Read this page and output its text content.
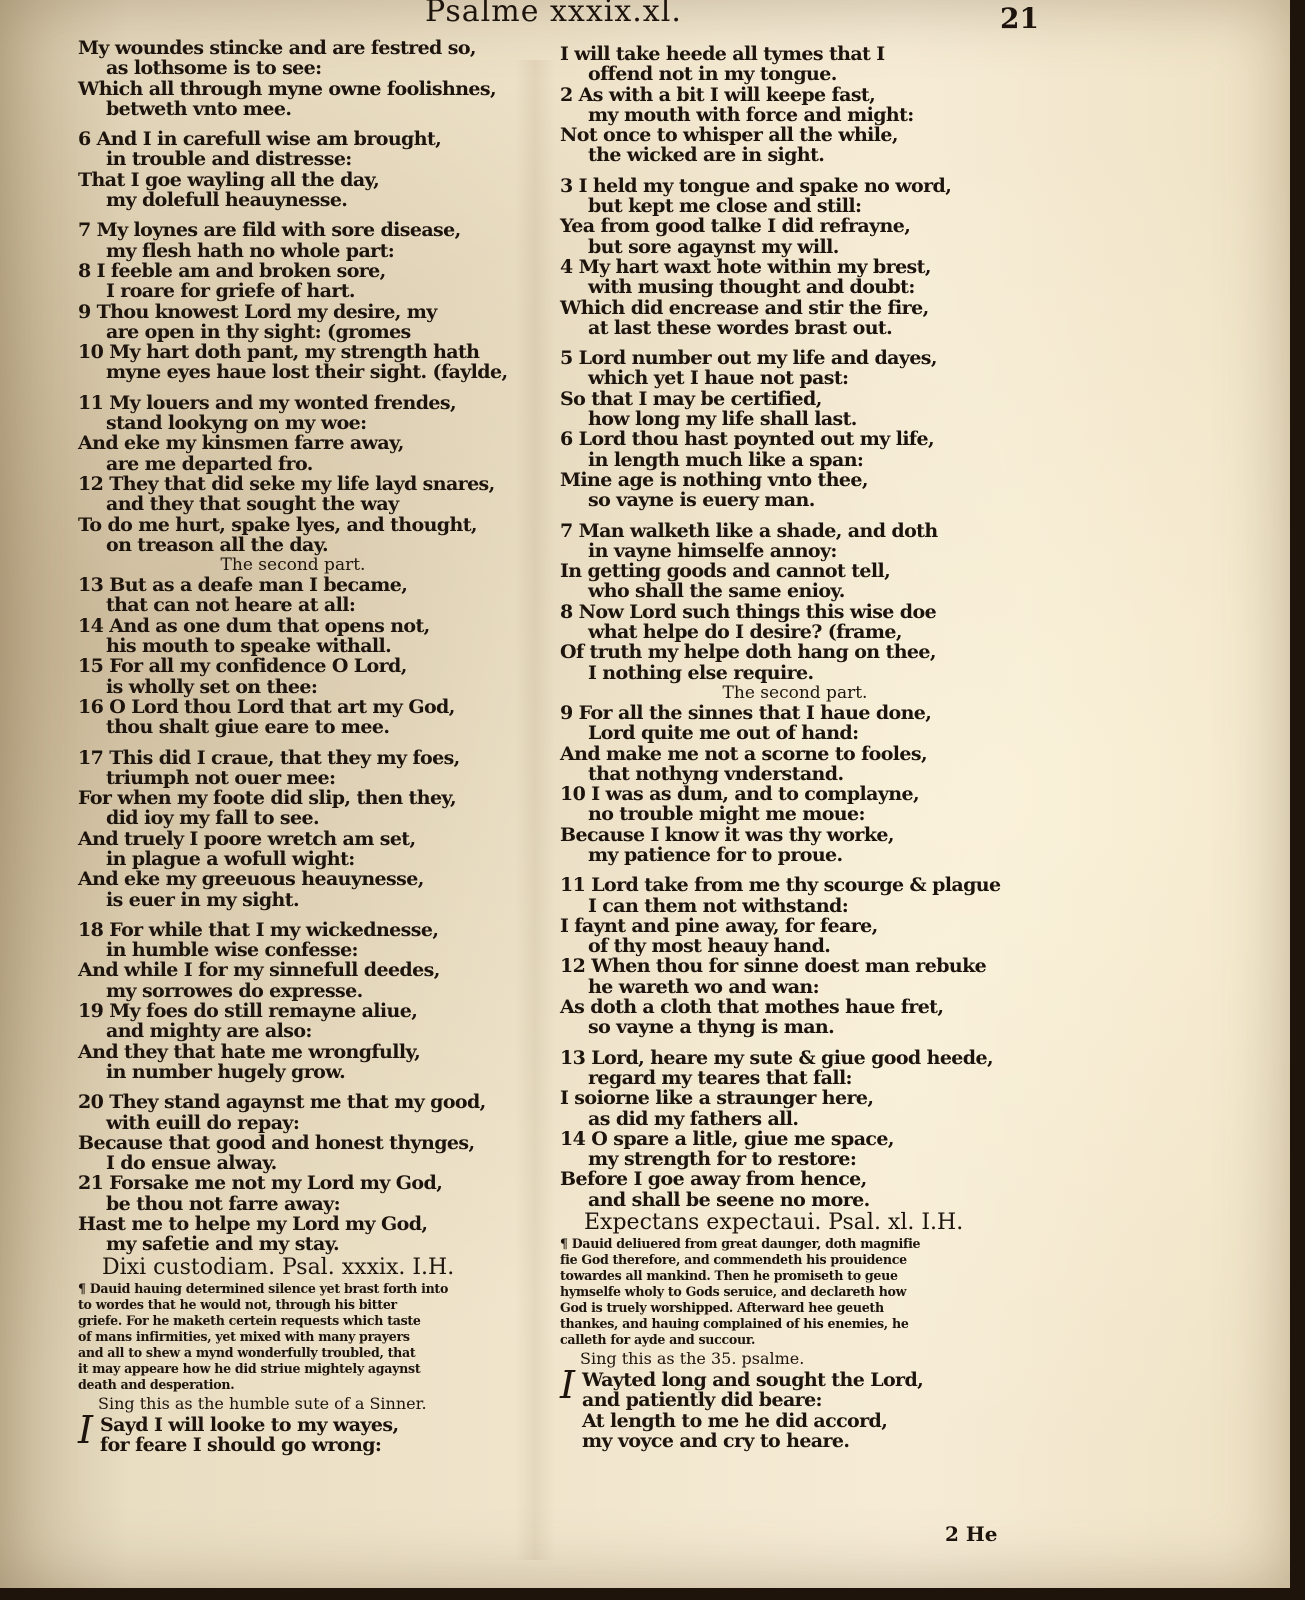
Psalme xxxix.xl.	21
My woundes stincke and are festred so,
as lothsome is to see:
Which all through myne owne foolishnes,
betweth vnto mee.
6 And I in carefull wise am brought,
in trouble and distresse:
That I goe wayling all the day,
my dolefull heauynesse.
7 My loynes are fild with sore disease,
my flesh hath no whole part:
8 I feeble am and broken sore,
I roare for griefe of hart.
9 Thou knowest Lord my desire, my
are open in thy sight: (gromes
10 My hart doth pant, my strength hath
myne eyes haue lost their sight. (faylde,
11 My louers and my wonted frendes,
stand lookyng on my woe:
And eke my kinsmen farre away,
are me departed fro.
12 They that did seke my life layd snares,
and they that sought the way
To do me hurt, spake lyes, and thought,
on treason all the day.
The second part.
13 But as a deafe man I became,
that can not heare at all:
14 And as one dum that opens not,
his mouth to speake withall.
15 For all my confidence O Lord,
is wholly set on thee:
16 O Lord thou Lord that art my God,
thou shalt giue eare to mee.
17 This did I craue, that they my foes,
triumph not ouer mee:
For when my foote did slip, then they,
did ioy my fall to see.
And truely I poore wretch am set,
in plague a wofull wight:
And eke my greeuous heauynesse,
is euer in my sight.
18 For while that I my wickednesse,
in humble wise confesse:
And while I for my sinnefull deedes,
my sorrowes do expresse.
19 My foes do still remayne aliue,
and mighty are also:
And they that hate me wrongfully,
in number hugely grow.
20 They stand agaynst me that my good,
with euill do repay:
Because that good and honest thynges,
I do ensue alway.
21 Forsake me not my Lord my God,
be thou not farre away:
Hast me to helpe my Lord my God,
my safetie and my stay.
Dixi custodiam. Psal. xxxix. I.H.
¶ Dauid hauing determined silence yet brast forth into
to wordes that he would not, through his bitter
griefe. For he maketh certein requests which taste
of mans infirmities, yet mixed with many prayers
and all to shew a mynd wonderfully troubled, that
it may appeare how he did striue mightely agaynst
death and desperation.
Sing this as the humble sute of a Sinner.
I Sayd I will looke to my wayes,
for feare I should go wrong:
I will take heede all tymes that I
offend not in my tongue.
2 As with a bit I will keepe fast,
my mouth with force and might:
Not once to whisper all the while,
the wicked are in sight.
3 I held my tongue and spake no word,
but kept me close and still:
Yea from good talke I did refrayne,
but sore agaynst my will.
4 My hart waxt hote within my brest,
with musing thought and doubt:
Which did encrease and stir the fire,
at last these wordes brast out.
5 Lord number out my life and dayes,
which yet I haue not past:
So that I may be certified,
how long my life shall last.
6 Lord thou hast poynted out my life,
in length much like a span:
Mine age is nothing vnto thee,
so vayne is euery man.
7 Man walketh like a shade, and doth
in vayne himselfe annoy:
In getting goods and cannot tell,
who shall the same enioy.
8 Now Lord such things this wise doe
what helpe do I desire? (frame,
Of truth my helpe doth hang on thee,
I nothing else require.
The second part.
9 For all the sinnes that I haue done,
Lord quite me out of hand:
And make me not a scorne to fooles,
that nothyng vnderstand.
10 I was as dum, and to complayne,
no trouble might me moue:
Because I know it was thy worke,
my patience for to proue.
11 Lord take from me thy scourge & plague
I can them not withstand:
I faynt and pine away, for feare,
of thy most heauy hand.
12 When thou for sinne doest man rebuke
he wareth wo and wan:
As doth a cloth that mothes haue fret,
so vayne a thyng is man.
13 Lord, heare my sute & giue good heede,
regard my teares that fall:
I soiorne like a straunger here,
as did my fathers all.
14 O spare a litle, giue me space,
my strength for to restore:
Before I goe away from hence,
and shall be seene no more.
Expectans expectaui. Psal. xl. I.H.
¶ Dauid deliuered from great daunger, doth magnifie
fie God therefore, and commendeth his prouidence
towardes all mankind. Then he promiseth to geue
hymselfe wholy to Gods seruice, and declareth how
God is truely worshipped. Afterward hee geueth
thankes, and hauing complained of his enemies, he
calleth for ayde and succour.
Sing this as the 35. psalme.
I Wayted long and sought the Lord,
and patiently did beare:
At length to me he did accord,
my voyce and cry to heare.
2 He
